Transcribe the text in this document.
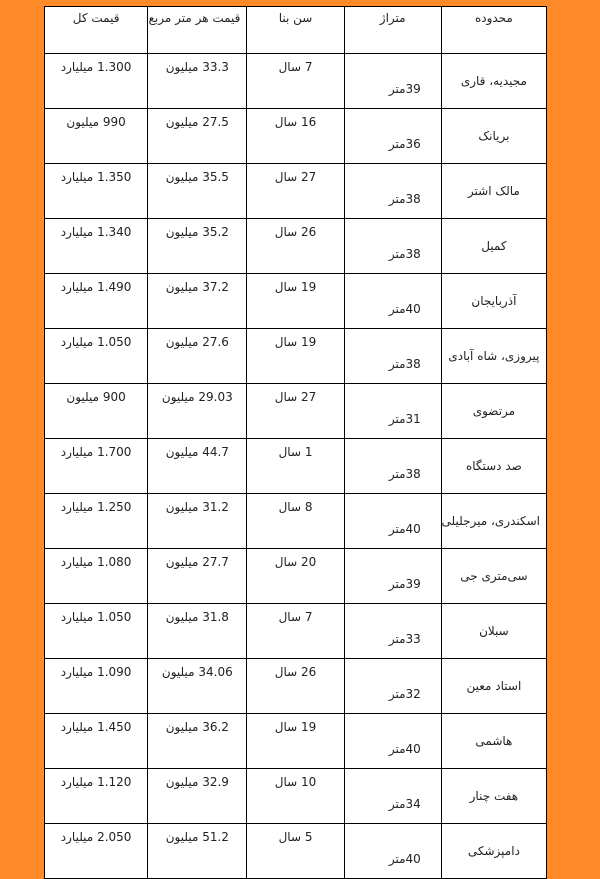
محدوده	متراژ	سن بنا	قیمت هر متر مربع	قیمت کل
مجیدیه، قاری	39متر	7 سال	33.3 میلیون	1.300 میلیارد
بریانک	36متر	16 سال	27.5 میلیون	990 میلیون
مالک اشتر	38متر	27 سال	35.5 میلیون	1.350 میلیارد
کمیل	38متر	26 سال	35.2 میلیون	1.340 میلیارد
آذربایجان	40متر	19 سال	37.2 میلیون	1.490 میلیارد
پیروزی، شاه آبادی	38متر	19 سال	27.6 میلیون	1.050 میلیارد
مرتضوی	31متر	27 سال	29.03 میلیون	900 میلیون
صد دستگاه	38متر	1 سال	44.7 میلیون	1.700 میلیارد
اسکندری، میرجلیلی	40متر	8 سال	31.2 میلیون	1.250 میلیارد
سی‌متری جی	39متر	20 سال	27.7 میلیون	1.080 میلیارد
سبلان	33متر	7 سال	31.8 میلیون	1.050 میلیارد
استاد معین	32متر	26 سال	34.06 میلیون	1.090 میلیارد
هاشمی	40متر	19 سال	36.2 میلیون	1.450 میلیارد
هفت چنار	34متر	10 سال	32.9 میلیون	1.120 میلیارد
دامپزشکی	40متر	5 سال	51.2 میلیون	2.050 میلیارد
